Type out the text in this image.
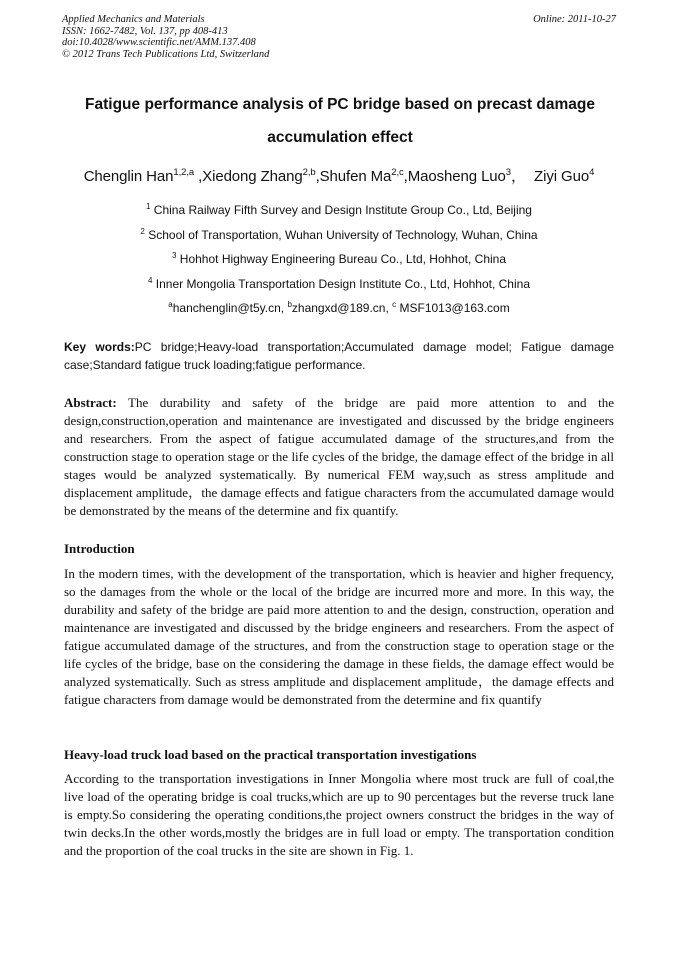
Applied Mechanics and Materials
ISSN: 1662-7482, Vol. 137, pp 408-413
doi:10.4028/www.scientific.net/AMM.137.408
© 2012 Trans Tech Publications Ltd, Switzerland
Online: 2011-10-27
Fatigue performance analysis of PC bridge based on precast damage
accumulation effect
Chenglin Han$^{1,2,a}$ ,Xiedong Zhang$^{2,b}$,Shufen Ma$^{2,c}$,Maosheng Luo$^3$， Ziyi Guo$^4$
$^1$ China Railway Fifth Survey and Design Institute Group Co., Ltd, Beijing
$^2$ School of Transportation, Wuhan University of Technology, Wuhan, China
$^3$ Hohhot Highway Engineering Bureau Co., Ltd, Hohhot, China
$^4$ Inner Mongolia Transportation Design Institute Co., Ltd, Hohhot, China
$^a$hanchenglin@t5y.cn, $^b$zhangxd@189.cn, $^c$ MSF1013@163.com
Key words:PC bridge;Heavy-load transportation;Accumulated damage model; Fatigue damage case;Standard fatigue truck loading;fatigue performance.
Abstract: The durability and safety of the bridge are paid more attention to and the design,construction,operation and maintenance are investigated and discussed by the bridge engineers and researchers. From the aspect of fatigue accumulated damage of the structures,and from the construction stage to operation stage or the life cycles of the bridge, the damage effect of the bridge in all stages would be analyzed systematically. By numerical FEM way,such as stress amplitude and displacement amplitude，the damage effects and fatigue characters from the accumulated damage would be demonstrated by the means of the determine and fix quantify.
Introduction
In the modern times, with the development of the transportation, which is heavier and higher frequency, so the damages from the whole or the local of the bridge are incurred more and more. In this way, the durability and safety of the bridge are paid more attention to and the design, construction, operation and maintenance are investigated and discussed by the bridge engineers and researchers. From the aspect of fatigue accumulated damage of the structures, and from the construction stage to operation stage or the life cycles of the bridge, base on the considering the damage in these fields, the damage effect would be analyzed systematically. Such as stress amplitude and displacement amplitude，the damage effects and fatigue characters from damage would be demonstrated from the determine and fix quantify
Heavy-load truck load based on the practical transportation investigations
According to the transportation investigations in Inner Mongolia where most truck are full of coal,the live load of the operating bridge is coal trucks,which are up to 90 percentages but the reverse truck lane is empty.So considering the operating conditions,the project owners construct the bridges in the way of twin decks.In the other words,mostly the bridges are in full load or empty. The transportation condition and the proportion of the coal trucks in the site are shown in Fig. 1.
